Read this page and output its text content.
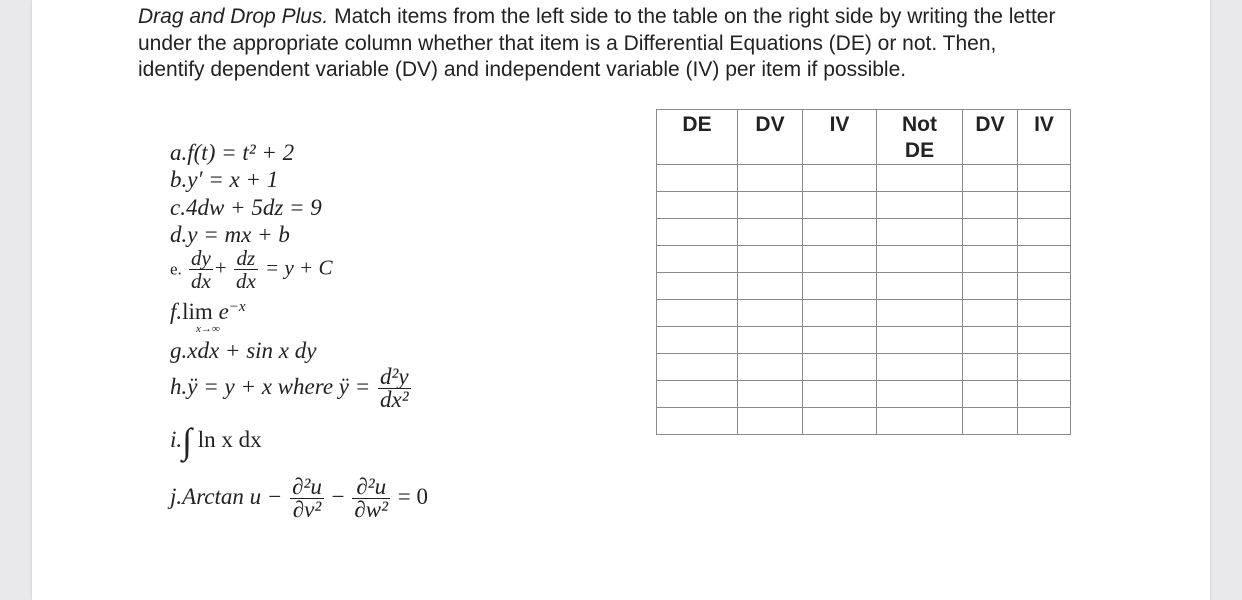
Drag and Drop Plus. Match items from the left side to the table on the right side by writing the letter under the appropriate column whether that item is a Differential Equations (DE) or not. Then, identify dependent variable (DV) and independent variable (IV) per item if possible.
a.f(t) = t² + 2
b.y′ = x + 1
c.4dw + 5dz = 9
d.y = mx + b
e. $\frac{dy}{dx} + \frac{dz}{dx} = y + C$
f.lim $e^{-x}$
x→∞
g.xdx + sin x dy
h.ÿ = y + x where ÿ = $\frac{\text{d²y}}{\text{dx²}}$
i.∫ ln x dx
j.Arctan $u - \frac{\text{∂²u}}{\text{∂v²}} - \frac{\text{∂²u}}{\text{∂w²}} = 0$
DE	DV	IV	Not DE	DV	IV
